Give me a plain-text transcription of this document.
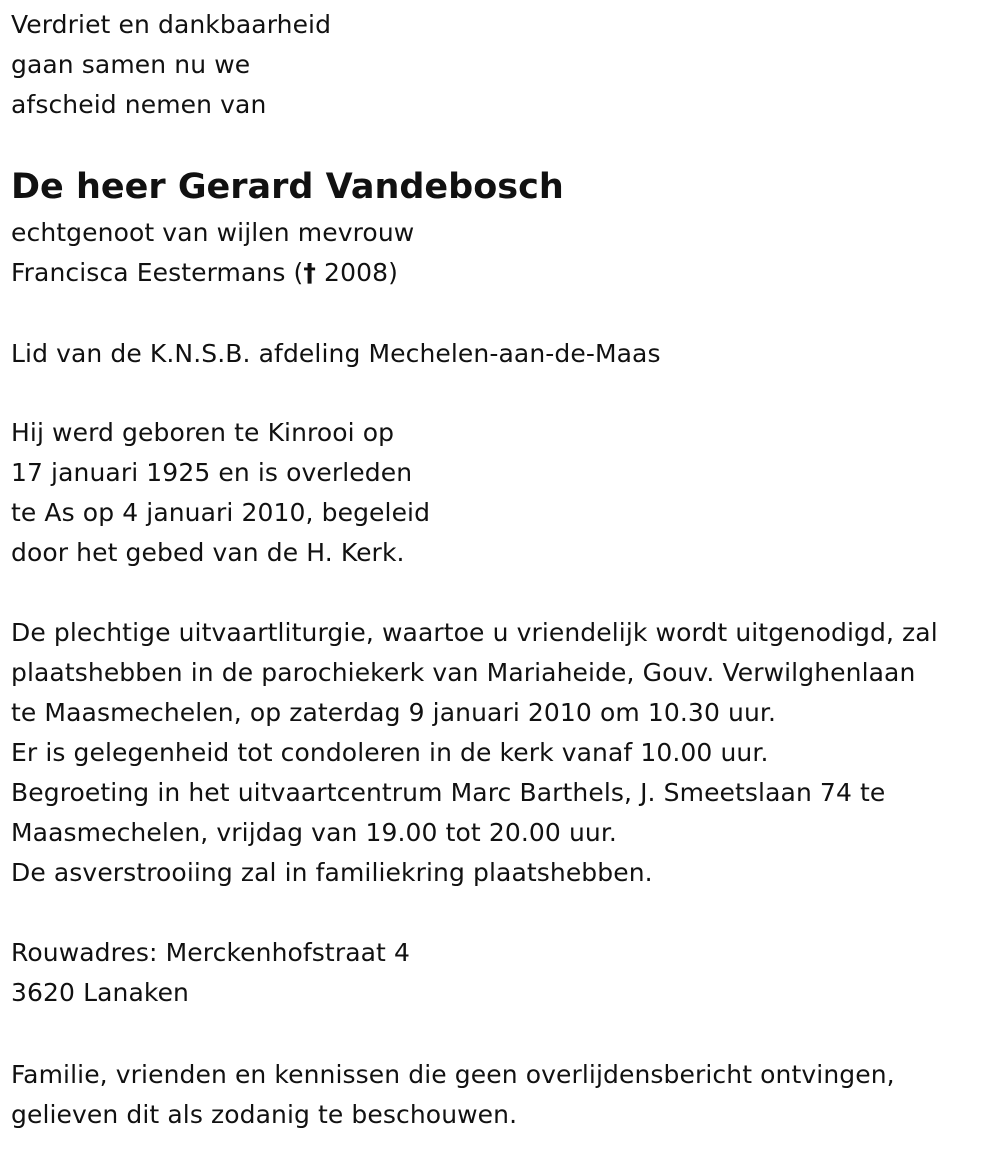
Verdriet en dankbaarheid
gaan samen nu we
afscheid nemen van
De heer Gerard Vandebosch
echtgenoot van wijlen mevrouw
Francisca Eestermans († 2008)
Lid van de K.N.S.B. afdeling Mechelen-aan-de-Maas
Hij werd geboren te Kinrooi op
17 januari 1925 en is overleden
te As op 4 januari 2010, begeleid
door het gebed van de H. Kerk.
De plechtige uitvaartliturgie, waartoe u vriendelijk wordt uitgenodigd, zal
plaatshebben in de parochiekerk van Mariaheide, Gouv. Verwilghenlaan
te Maasmechelen, op zaterdag 9 januari 2010 om 10.30 uur.
Er is gelegenheid tot condoleren in de kerk vanaf 10.00 uur.
Begroeting in het uitvaartcentrum Marc Barthels, J. Smeetslaan 74 te
Maasmechelen, vrijdag van 19.00 tot 20.00 uur.
De asverstrooiing zal in familiekring plaatshebben.
Rouwadres: Merckenhofstraat 4
3620 Lanaken
Familie, vrienden en kennissen die geen overlijdensbericht ontvingen,
gelieven dit als zodanig te beschouwen.
